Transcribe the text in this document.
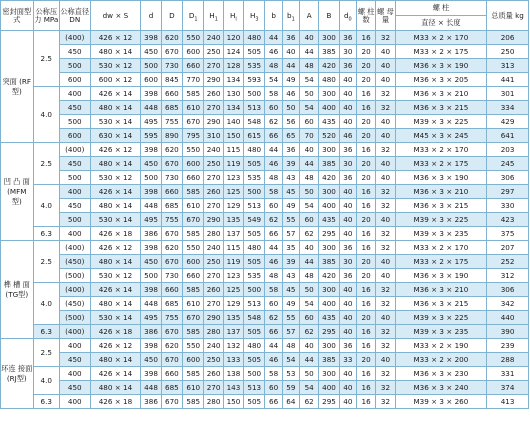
密封面型式	公称压力 MPa	公称直径 DN	dw × S	d	D	$D_1$	$H_1$	$H_l$	$H_3$	b	$b_1$	A	B	$d_0$	螺 柱 数	螺 母 量	螺 柱	总质量 kg
																	直径 × 长度	
突面 (RF型)	2.5	(400)	426 × 12	398	620	550	240	120	480	44	36	40	300	36	16	32	M33 × 2 × 170	206
		450	480 × 14	450	670	600	250	124	505	46	40	44	385	30	20	40	M33 × 2 × 175	250
		500	530 × 12	500	730	660	270	128	535	48	44	48	420	36	20	40	M36 × 3 × 190	313
		600	600 × 12	600	845	770	290	134	593	54	49	54	480	40	20	40	M36 × 3 × 205	441
	4.0	400	426 × 14	398	660	585	260	130	500	58	46	50	300	40	16	32	M36 × 3 × 210	301
		450	480 × 14	448	685	610	270	134	513	60	50	54	400	40	16	32	M36 × 3 × 215	334
		500	530 × 14	495	755	670	290	140	548	62	56	60	435	40	20	40	M39 × 3 × 225	429
		600	630 × 14	595	890	795	310	150	615	66	65	70	520	46	20	40	M45 × 3 × 245	641
凹 凸 面 (MFM 型)	2.5	(400)	426 × 12	398	620	550	240	115	480	44	36	40	300	36	16	32	M33 × 2 × 170	203
		450	480 × 14	450	670	600	250	119	505	46	39	44	385	30	20	40	M33 × 2 × 175	245
		500	530 × 12	500	730	660	270	123	535	48	43	48	420	36	20	40	M36 × 3 × 190	306
	4.0	400	426 × 14	398	660	585	260	125	500	58	45	50	300	40	16	32	M36 × 3 × 210	297
		450	480 × 14	448	685	610	270	129	513	60	49	54	400	40	16	32	M36 × 3 × 215	330
		500	530 × 14	495	755	670	290	135	549	62	55	60	435	40	20	40	M39 × 3 × 225	423
	6.3	400	426 × 18	386	670	585	280	137	505	66	57	62	295	40	16	32	M39 × 3 × 235	375
榫 槽 面 (TG型)	2.5	(400)	426 × 12	398	620	550	240	115	480	44	35	40	300	36	16	32	M33 × 2 × 170	207
		(450)	480 × 14	450	670	600	250	119	505	46	39	44	385	30	20	40	M33 × 2 × 175	252
		(500)	530 × 12	500	730	660	270	123	535	48	43	48	420	36	20	40	M36 × 3 × 190	312
	4.0	(400)	426 × 14	398	660	585	260	125	500	58	45	50	300	40	16	32	M36 × 3 × 210	306
		(450)	480 × 14	448	685	610	270	129	513	60	49	54	400	40	16	32	M36 × 3 × 215	342
		(500)	530 × 14	495	755	670	290	135	548	62	55	60	435	40	20	40	M39 × 3 × 225	440
	6.3	(400)	426 × 18	386	670	585	280	137	505	66	57	62	295	40	16	32	M39 × 3 × 235	390
环连 接面 (RJ型)	2.5	400	426 × 12	398	620	550	240	132	480	44	48	40	300	36	16	32	M33 × 2 × 190	239
		450	480 × 14	450	670	600	250	133	505	46	54	44	385	33	20	40	M33 × 2 × 200	288
	4.0	400	426 × 14	398	660	585	260	138	500	58	53	50	300	40	16	32	M36 × 3 × 230	331
		450	480 × 14	448	685	610	270	143	513	60	59	54	400	40	16	32	M36 × 3 × 240	374
	6.3	400	426 × 18	386	670	585	280	150	505	66	64	62	295	40	16	32	M39 × 3 × 260	413
